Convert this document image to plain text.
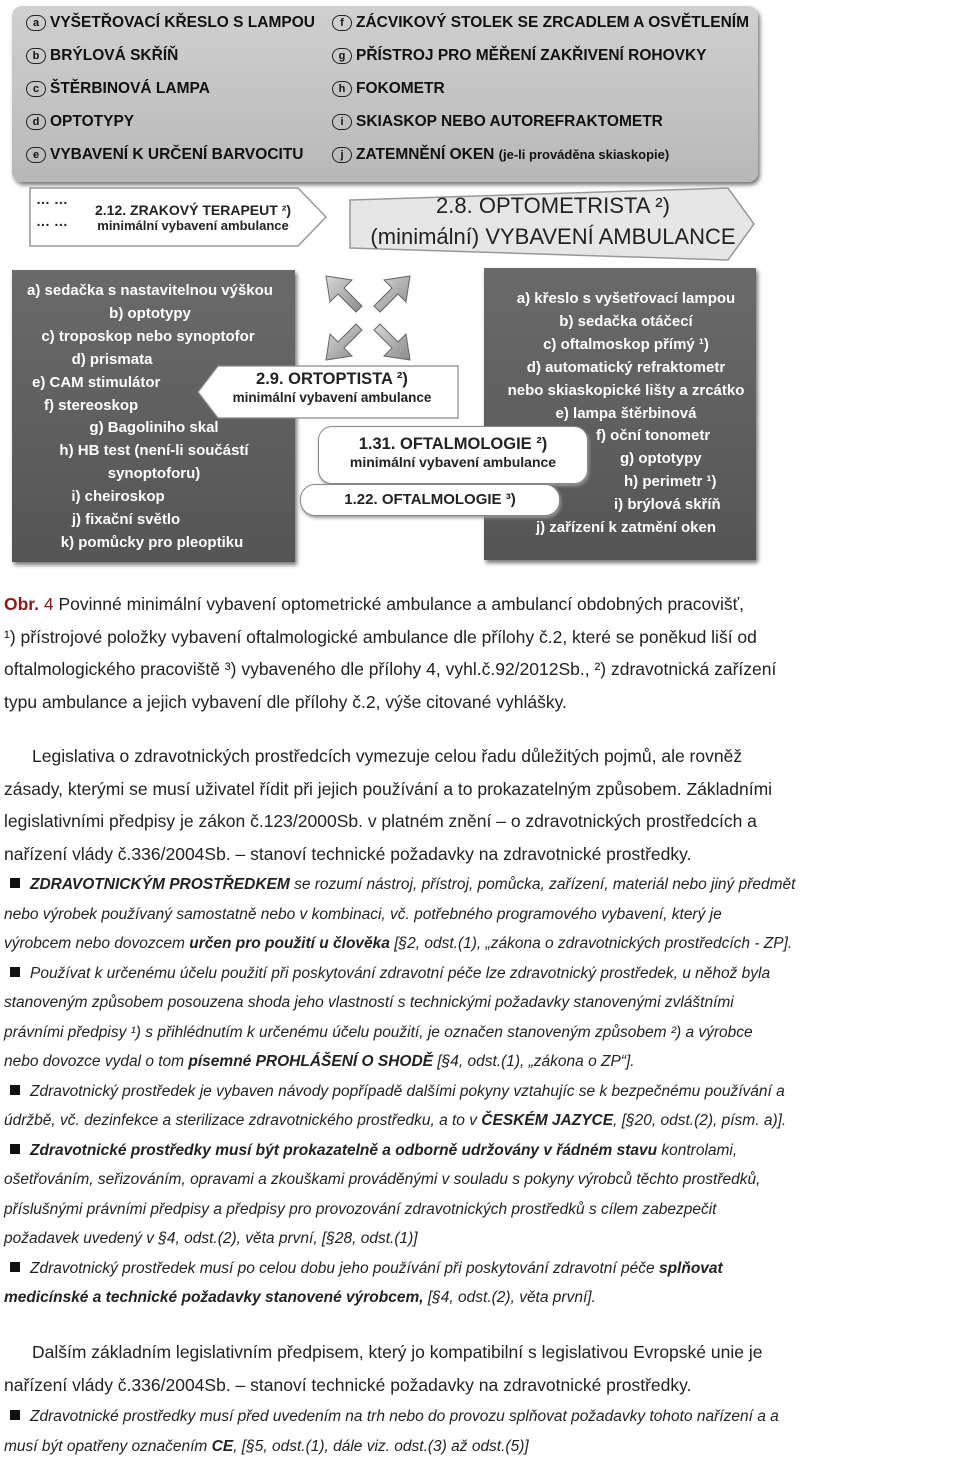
a VYŠETŘOVACÍ KŘESLO S LAMPOU
b BRÝLOVÁ SKŘÍŇ
c ŠTĚRBINOVÁ LAMPA
d OPTOTYPY
e VYBAVENÍ K URČENÍ BARVOCITU
f ZÁCVIKOVÝ STOLEK SE ZRCADLEM A OSVĚTLENÍM
g PŘÍSTROJ PRO MĚŘENÍ ZAKŘIVENÍ ROHOVKY
h FOKOMETR
i SKIASKOP NEBO AUTOREFRAKTOMETR
j ZATEMNĚNÍ OKEN (je-li prováděna skiaskopie)
… …
… …
2.12. ZRAKOVÝ TERAPEUT ²)
minimální vybavení ambulance
2.8. OPTOMETRISTA ²)
(minimální) VYBAVENÍ AMBULANCE
a) sedačka s nastavitelnou výškou
b) optotypy
c) troposkop nebo synoptofor
d) prismata
e) CAM stimulátor
f) stereoskop
g) Bagoliniho skal
h) HB test (není-li součástí
synoptoforu)
i) cheiroskop
j) fixační světlo
k) pomůcky pro pleoptiku
a) křeslo s vyšetřovací lampou
b) sedačka otáčecí
c) oftalmoskop přímý ¹)
d) automatický refraktometr
nebo skiaskopické lišty a zrcátko
e) lampa štěrbinová
f) oční tonometr
g) optotypy
h) perimetr ¹)
i) brýlová skříň
j) zařízení k zatmění oken
2.9. ORTOPTISTA ²)
minimální vybavení ambulance
1.31. OFTALMOLOGIE ²)
minimální vybavení ambulance
1.22. OFTALMOLOGIE ³)
Obr. 4 Povinné minimální vybavení optometrické ambulance a ambulancí obdobných pracovišť,
¹) přístrojové položky vybavení oftalmologické ambulance dle přílohy č.2, které se poněkud liší od
oftalmologického pracoviště ³) vybaveného dle přílohy 4, vyhl.č.92/2012Sb., ²) zdravotnická zařízení
typu ambulance a jejich vybavení dle přílohy č.2, výše citované vyhlášky.
Legislativa o zdravotnických prostředcích vymezuje celou řadu důležitých pojmů, ale rovněž
zásady, kterými se musí uživatel řídit při jejich používání a to prokazatelným způsobem. Základními
legislativními předpisy je zákon č.123/2000Sb. v platném znění – o zdravotnických prostředcích a
nařízení vlády č.336/2004Sb. – stanoví technické požadavky na zdravotnické prostředky.
ZDRAVOTNICKÝM PROSTŘEDKEM se rozumí nástroj, přístroj, pomůcka, zařízení, materiál nebo jiný předmět
nebo výrobek používaný samostatně nebo v kombinaci, vč. potřebného programového vybavení, který je
výrobcem nebo dovozcem určen pro použití u člověka [§2, odst.(1), „zákona o zdravotnických prostředcích - ZP].
Používat k určenému účelu použití při poskytování zdravotní péče lze zdravotnický prostředek, u něhož byla
stanoveným způsobem posouzena shoda jeho vlastností s technickými požadavky stanovenými zvláštními
právními předpisy ¹) s přihlédnutím k určenému účelu použití, je označen stanoveným způsobem ²) a výrobce
nebo dovozce vydal o tom písemné PROHLÁŠENÍ O SHODĚ [§4, odst.(1), „zákona o ZP“].
Zdravotnický prostředek je vybaven návody popřípadě dalšími pokyny vztahujíc se k bezpečnému používání a
údržbě, vč. dezinfekce a sterilizace zdravotnického prostředku, a to v ČESKÉM JAZYCE, [§20, odst.(2), písm. a)].
Zdravotnické prostředky musí být prokazatelně a odborně udržovány v řádném stavu kontrolami,
ošetřováním, seřizováním, opravami a zkouškami prováděnými v souladu s pokyny výrobců těchto prostředků,
příslušnými právními předpisy a předpisy pro provozování zdravotnických prostředků s cílem zabezpečit
požadavek uvedený v §4, odst.(2), věta první, [§28, odst.(1)]
Zdravotnický prostředek musí po celou dobu jeho používání při poskytování zdravotní péče splňovat
medicínské a technické požadavky stanovené výrobcem, [§4, odst.(2), věta první].
Dalším základním legislativním předpisem, který jo kompatibilní s legislativou Evropské unie je
nařízení vlády č.336/2004Sb. – stanoví technické požadavky na zdravotnické prostředky.
Zdravotnické prostředky musí před uvedením na trh nebo do provozu splňovat požadavky tohoto nařízení a a
musí být opatřeny označením CE, [§5, odst.(1), dále viz. odst.(3) až odst.(5)]
